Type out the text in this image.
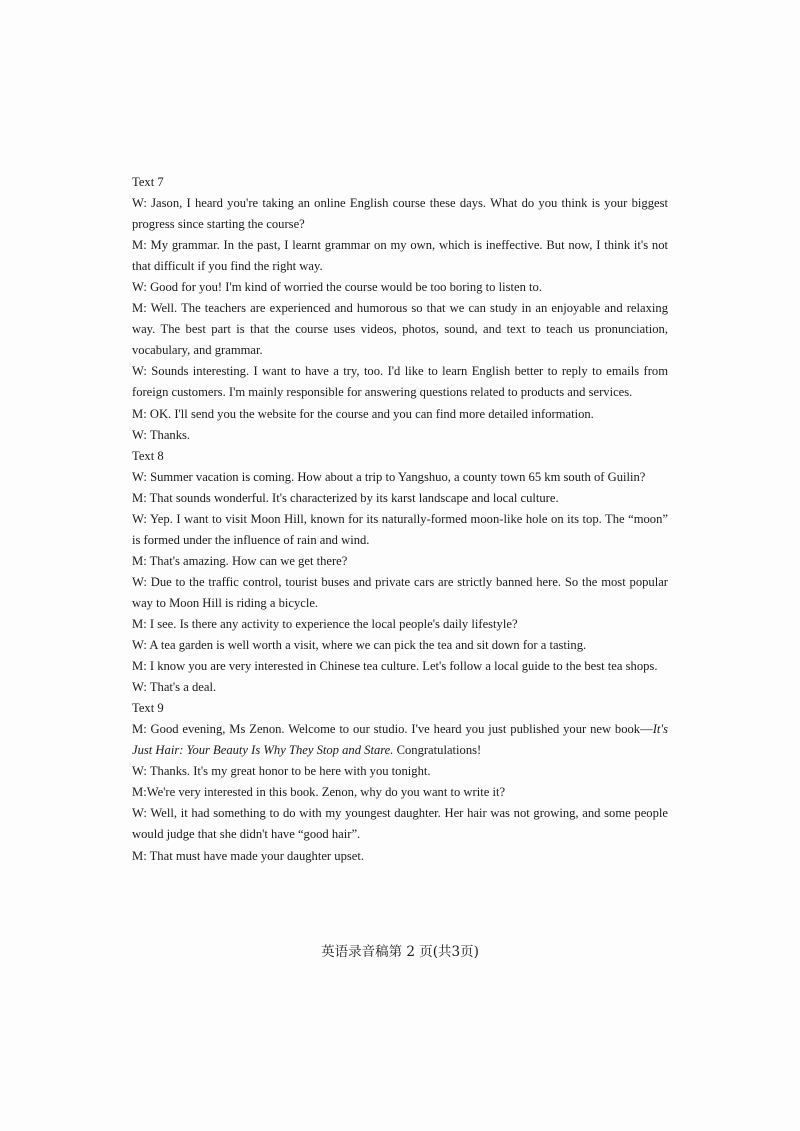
Text 7

W: Jason, I heard you're taking an online English course these days. What do you think is your biggest progress since starting the course?

M: My grammar. In the past, I learnt grammar on my own, which is ineffective. But now, I think it's not that difficult if you find the right way.

W: Good for you! I'm kind of worried the course would be too boring to listen to.

M: Well. The teachers are experienced and humorous so that we can study in an enjoyable and relaxing way. The best part is that the course uses videos, photos, sound, and text to teach us pronunciation, vocabulary, and grammar.

W: Sounds interesting. I want to have a try, too. I'd like to learn English better to reply to emails from foreign customers. I'm mainly responsible for answering questions related to products and services.

M: OK. I'll send you the website for the course and you can find more detailed information.

W: Thanks.

Text 8

W: Summer vacation is coming. How about a trip to Yangshuo, a county town 65 km south of Guilin?

M: That sounds wonderful. It's characterized by its karst landscape and local culture.

W: Yep. I want to visit Moon Hill, known for its naturally-formed moon-like hole on its top. The “moon” is formed under the influence of rain and wind.

M: That's amazing. How can we get there?

W: Due to the traffic control, tourist buses and private cars are strictly banned here. So the most popular way to Moon Hill is riding a bicycle.

M: I see. Is there any activity to experience the local people's daily lifestyle?

W: A tea garden is well worth a visit, where we can pick the tea and sit down for a tasting.

M: I know you are very interested in Chinese tea culture. Let's follow a local guide to the best tea shops.

W: That's a deal.

Text 9

M: Good evening, Ms Zenon. Welcome to our studio. I've heard you just published your new book—It's Just Hair: Your Beauty Is Why They Stop and Stare. Congratulations!

W: Thanks. It's my great honor to be here with you tonight.

M:We're very interested in this book. Zenon, why do you want to write it?

W: Well, it had something to do with my youngest daughter. Her hair was not growing, and some people would judge that she didn't have “good hair”.

M: That must have made your daughter upset.

英语录音稿第 2 页(共3页)
